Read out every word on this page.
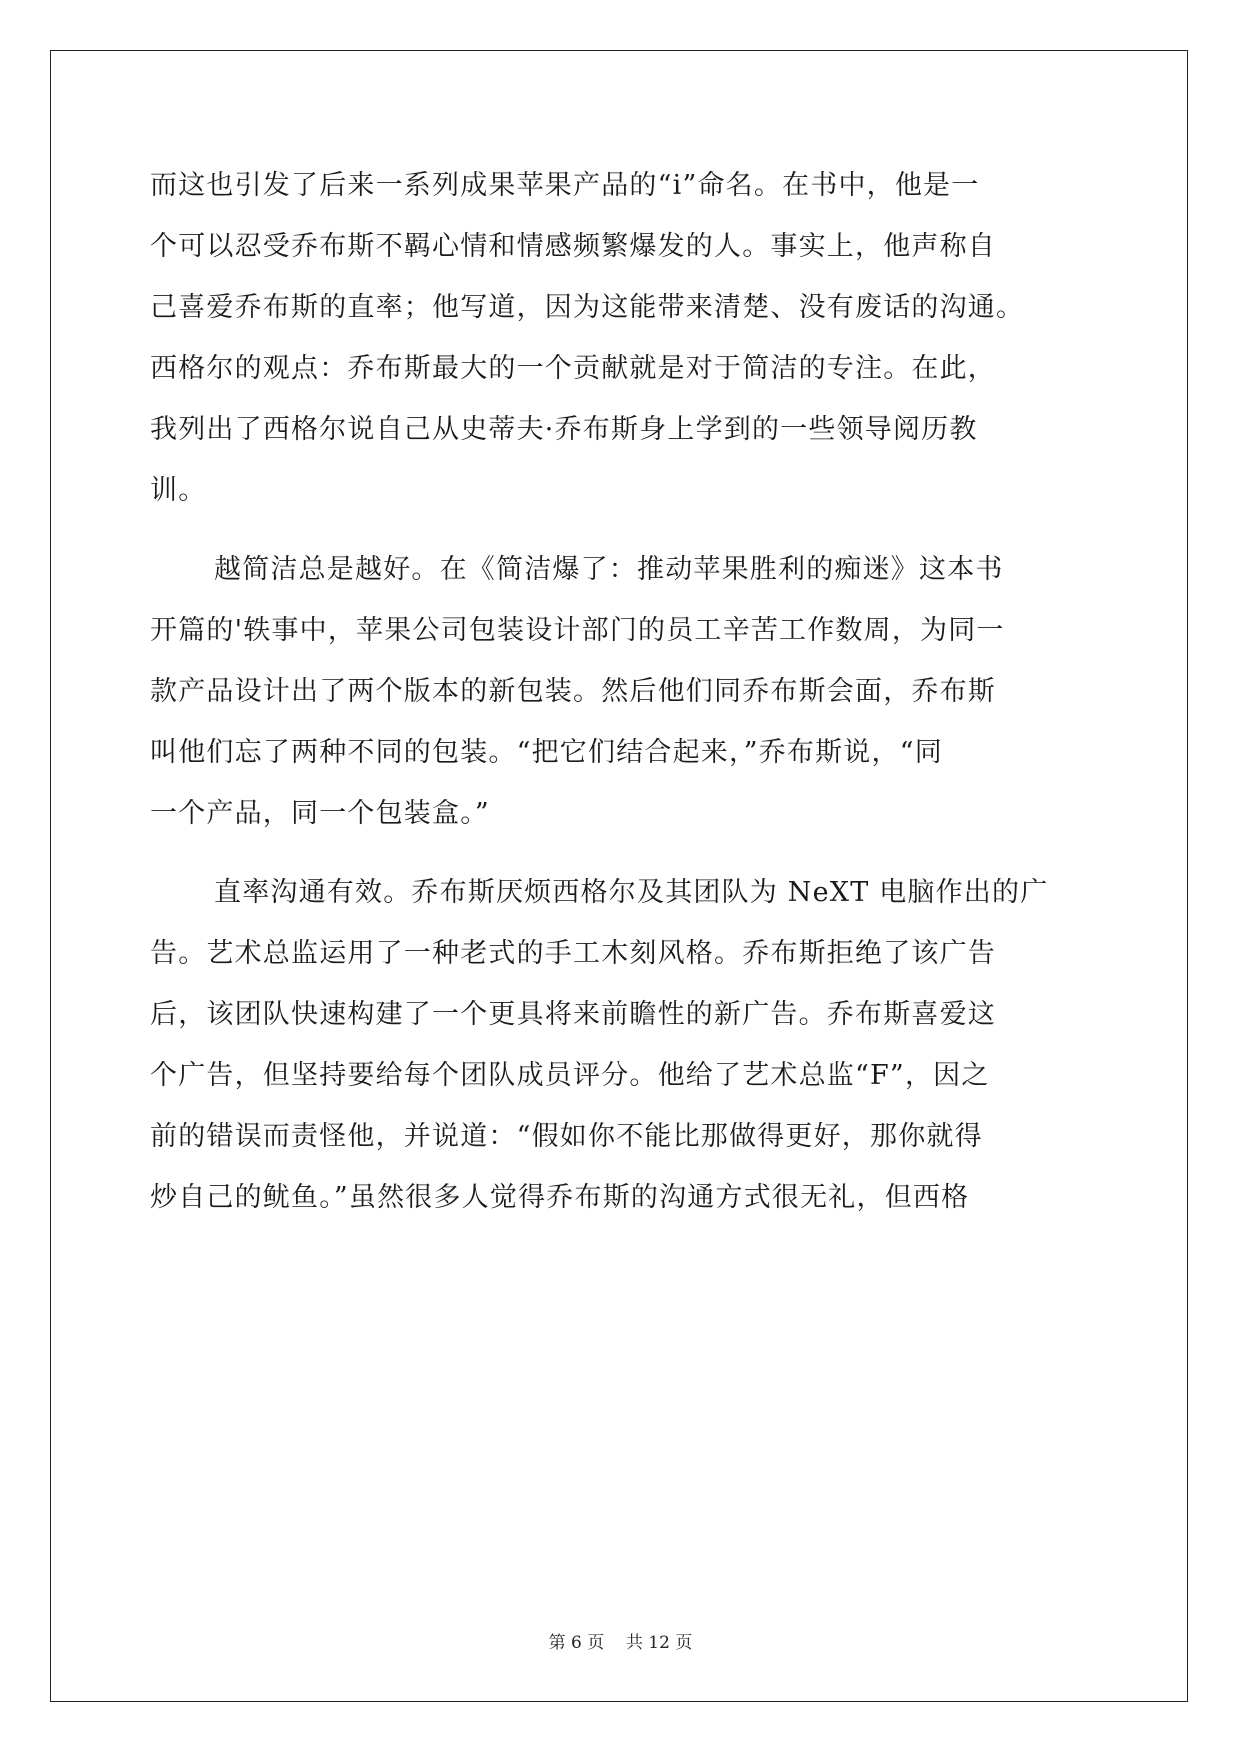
而这也引发了后来一系列成果苹果产品的“i”命名。在书中，他是一
个可以忍受乔布斯不羁心情和情感频繁爆发的人。事实上，他声称自
己喜爱乔布斯的直率；他写道，因为这能带来清楚、没有废话的沟通。
西格尔的观点：乔布斯最大的一个贡献就是对于简洁的专注。在此，
我列出了西格尔说自己从史蒂夫·乔布斯身上学到的一些领导阅历教
训。
越简洁总是越好。在《简洁爆了：推动苹果胜利的痴迷》这本书
开篇的'轶事中，苹果公司包装设计部门的员工辛苦工作数周，为同一
款产品设计出了两个版本的新包装。然后他们同乔布斯会面，乔布斯
叫他们忘了两种不同的包装。“把它们结合起来，”乔布斯说，“同
一个产品，同一个包装盒。”
直率沟通有效。乔布斯厌烦西格尔及其团队为 NeXT 电脑作出的广
告。艺术总监运用了一种老式的手工木刻风格。乔布斯拒绝了该广告
后，该团队快速构建了一个更具将来前瞻性的新广告。乔布斯喜爱这
个广告，但坚持要给每个团队成员评分。他给了艺术总监“F”，因之
前的错误而责怪他，并说道：“假如你不能比那做得更好，那你就得
炒自己的鱿鱼。”虽然很多人觉得乔布斯的沟通方式很无礼，但西格
第 6 页    共 12 页
